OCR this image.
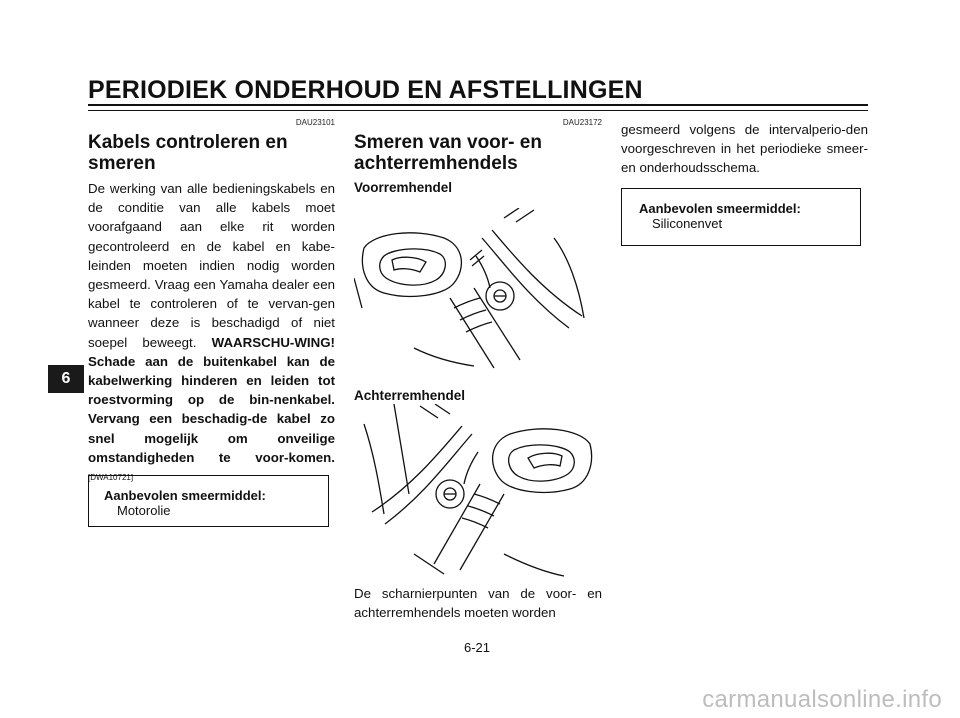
PERIODIEK ONDERHOUD EN AFSTELLINGEN
6
DAU23101
Kabels controleren en smeren
De werking van alle bedieningskabels en de conditie van alle kabels moet voorafgaand aan elke rit worden gecontroleerd en de kabel en kabe-leinden moeten indien nodig worden gesmeerd. Vraag een Yamaha dealer een kabel te controleren of te vervan-gen wanneer deze is beschadigd of niet soepel beweegt. WAARSCHU-WING! Schade aan de buitenkabel kan de kabelwerking hinderen en leiden tot roestvorming op de bin-nenkabel. Vervang een beschadig-de kabel zo snel mogelijk om onveilige omstandigheden te voor-komen. [DWA10721]
Aanbevolen smeermiddel:
Motorolie
DAU23172
Smeren van voor- en achterremhendels
Voorremhendel
Achterremhendel
De scharnierpunten van de voor- en achterremhendels moeten worden
gesmeerd volgens de intervalperio-den voorgeschreven in het periodieke smeer- en onderhoudsschema.
Aanbevolen smeermiddel:
Siliconenvet
6-21
carmanualsonline.info
